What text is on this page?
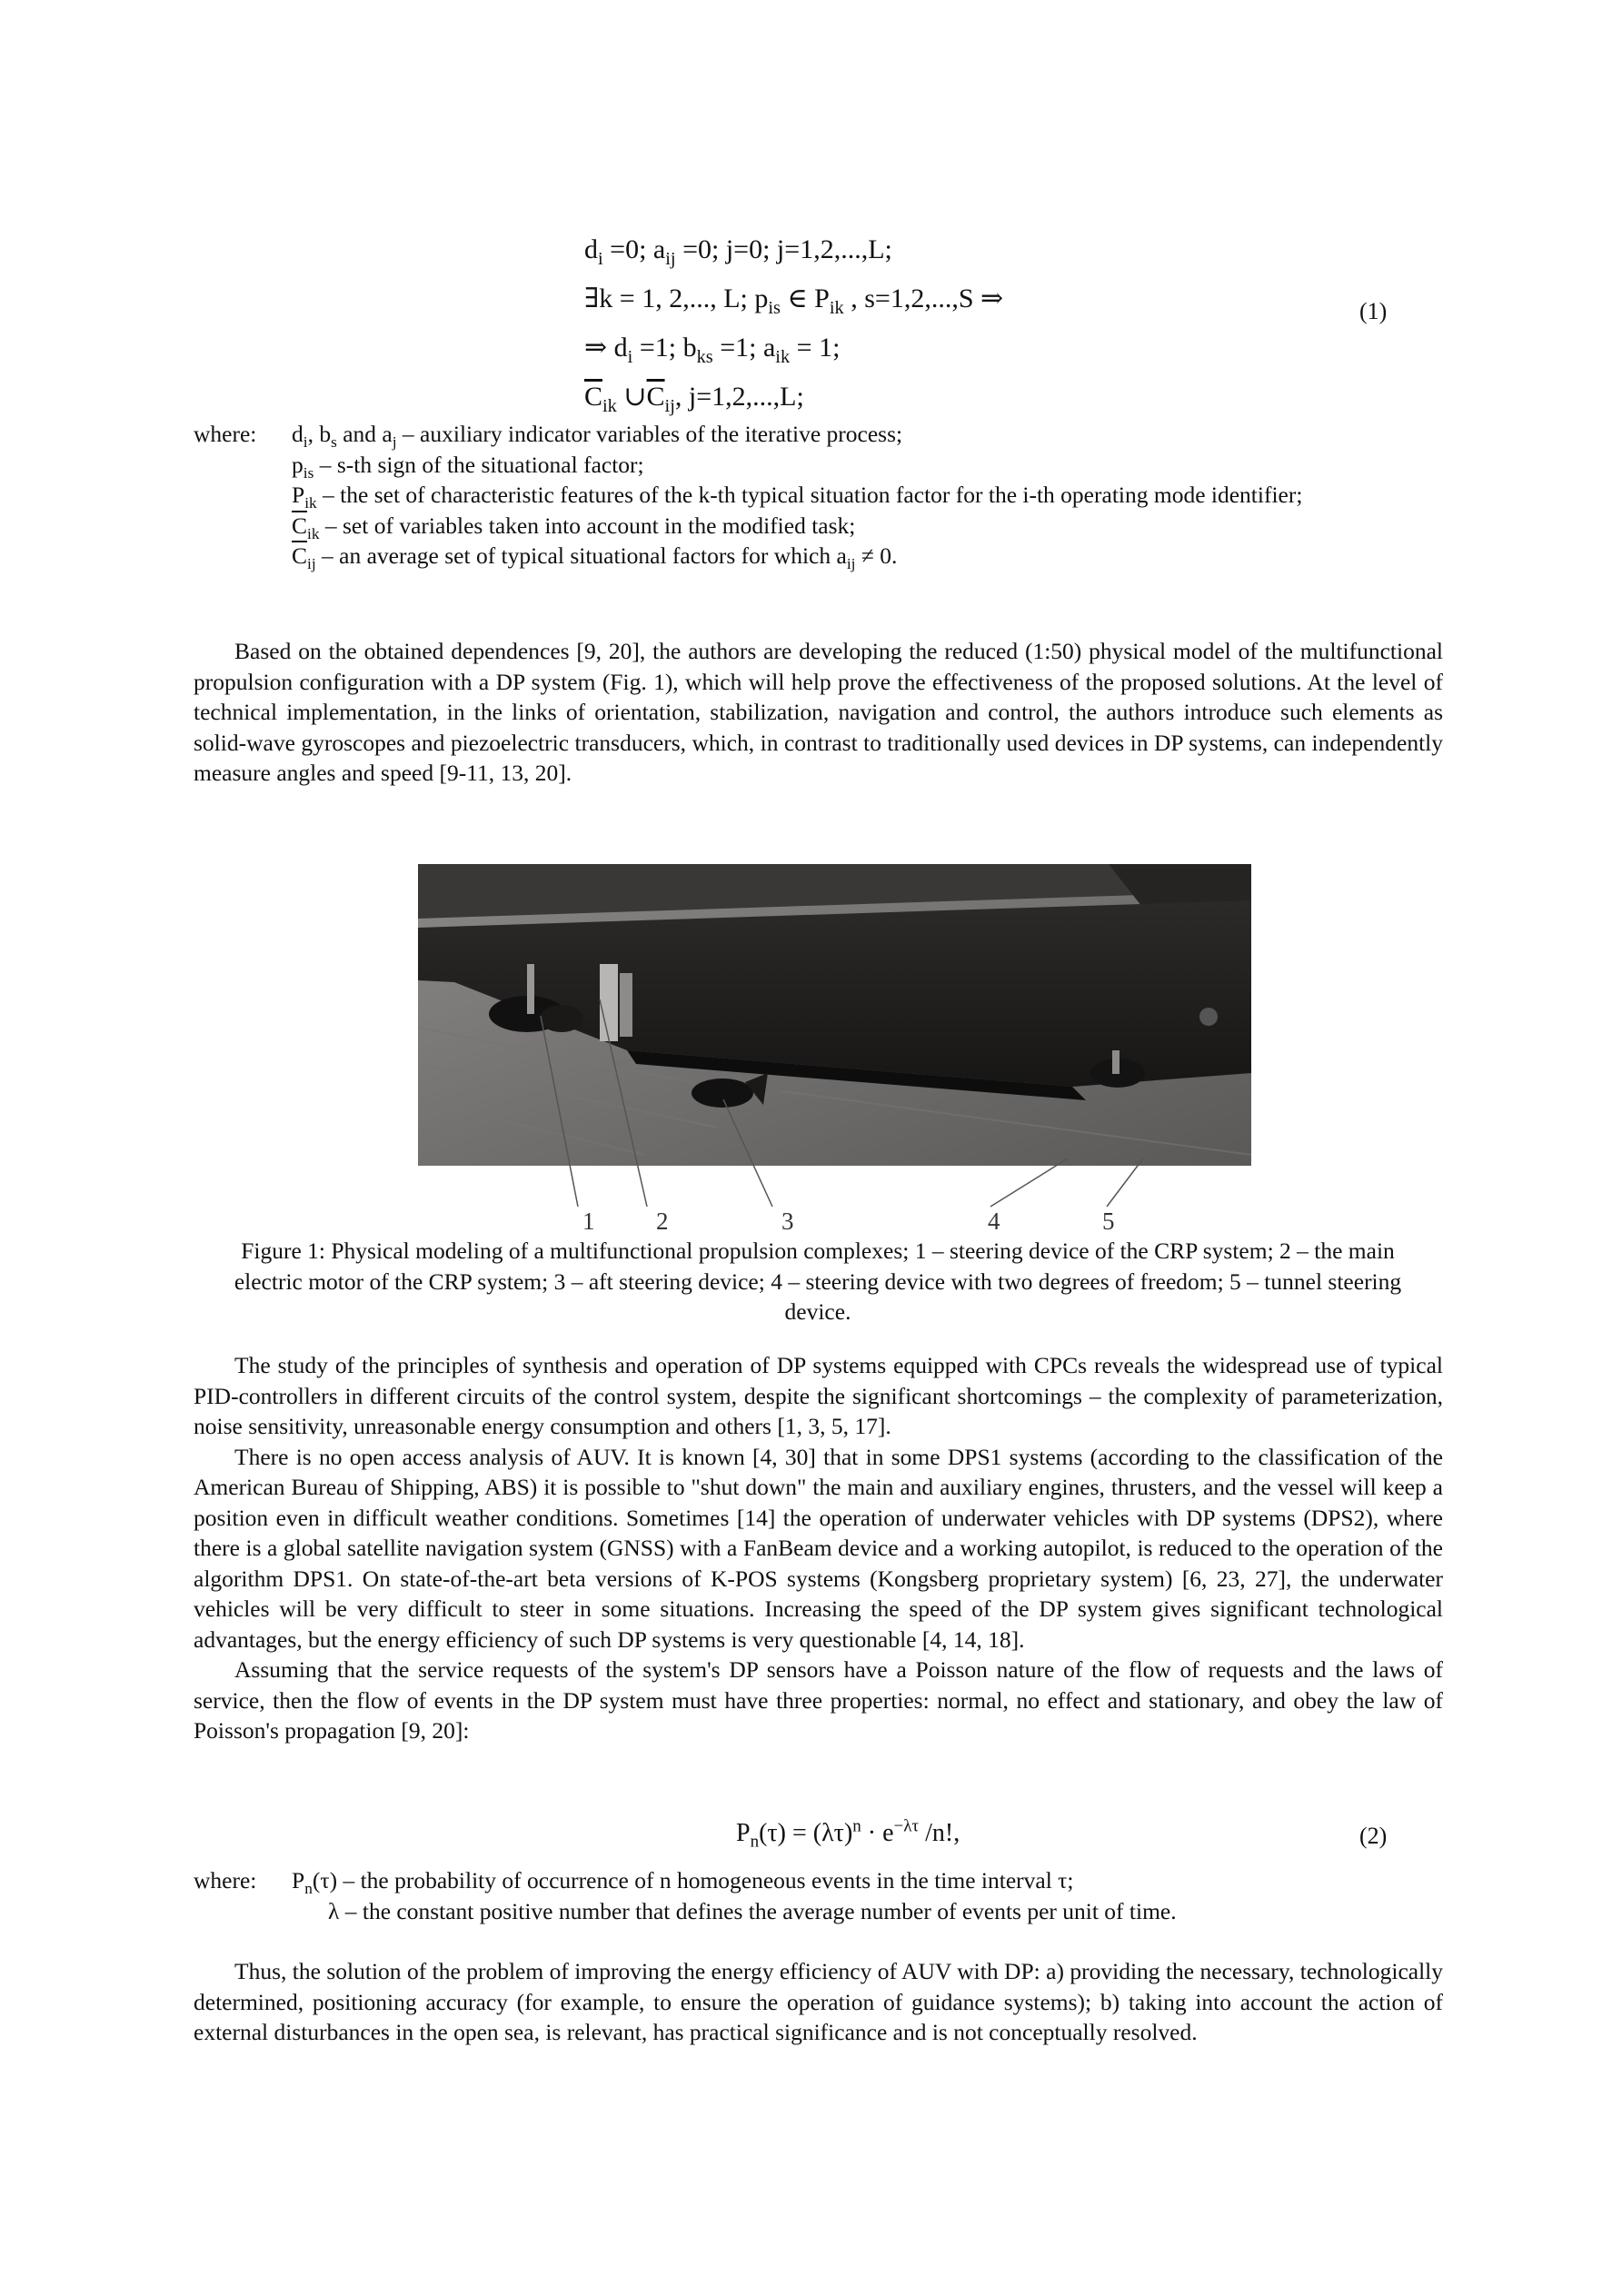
$d_i =0$; $a_{ij} =0$; j=0; j=1,2,...,L;
∃k = 1, 2,..., L; $p_{is}$ ∈ $P_{ik}$ , s=1,2,...,S ⇒
⇒ $d_i =1$; $b_{ks} =1$; $a_{ik} = 1$;
$\overline{C}_{ik}$ $\cup\overline{C}_{ij}$, j=1,2,...,L;
(1)
where: $d_i$, $b_s$ and $a_j$ – auxiliary indicator variables of the iterative process;
$p_{is} - s-th$ sign of the situational factor;
$P_{ik}$ – the set of characteristic features of the k-th typical situation factor for the i-th operating mode identifier;
$\overline{C}_{ik}$ – set of variables taken into account in the modified task;
$\overline{C}_{ij}$ – an average set of typical situational factors for which $a_{ij} \ne 0$.
Based on the obtained dependences [9, 20], the authors are developing the reduced (1:50) physical model of the multifunctional propulsion configuration with a DP system (Fig. 1), which will help prove the effectiveness of the proposed solutions. At the level of technical implementation, in the links of orientation, stabilization, navigation and control, the authors introduce such elements as solid-wave gyroscopes and piezoelectric transducers, which, in contrast to traditionally used devices in DP systems, can independently measure angles and speed [9-11, 13, 20].
1	2	3	4	5
Figure 1: Physical modeling of a multifunctional propulsion complexes; 1 – steering device of the CRP system; 2 – the main electric motor of the CRP system; 3 – aft steering device; 4 – steering device with two degrees of freedom; 5 – tunnel steering device.

The study of the principles of synthesis and operation of DP systems equipped with CPCs reveals the widespread use of typical PID-controllers in different circuits of the control system, despite the significant shortcomings – the complexity of parameterization, noise sensitivity, unreasonable energy consumption and others [1, 3, 5, 17].

There is no open access analysis of AUV. It is known [4, 30] that in some DPS1 systems (according to the classification of the American Bureau of Shipping, ABS) it is possible to "shut down" the main and auxiliary engines, thrusters, and the vessel will keep a position even in difficult weather conditions. Sometimes [14] the operation of underwater vehicles with DP systems (DPS2), where there is a global satellite navigation system (GNSS) with a FanBeam device and a working autopilot, is reduced to the operation of the algorithm DPS1. On state-of-the-art beta versions of K-POS systems (Kongsberg proprietary system) [6, 23, 27], the underwater vehicles will be very difficult to steer in some situations. Increasing the speed of the DP system gives significant technological advantages, but the energy efficiency of such DP systems is very questionable [4, 14, 18].

Assuming that the service requests of the system's DP sensors have a Poisson nature of the flow of requests and the laws of service, then the flow of events in the DP system must have three properties: normal, no effect and stationary, and obey the law of Poisson's propagation [9, 20]:

$P_n(\tau) = (\lambda\tau)^n \cdot e^{-\lambda\tau}$ /n!,	(2)
where: $P_n(\tau)$ – the probability of occurrence of n homogeneous events in the time interval τ;
λ – the constant positive number that defines the average number of events per unit of time.
Thus, the solution of the problem of improving the energy efficiency of AUV with DP: a) providing the necessary, technologically determined, positioning accuracy (for example, to ensure the operation of guidance systems); b) taking into account the action of external disturbances in the open sea, is relevant, has practical significance and is not conceptually resolved.
